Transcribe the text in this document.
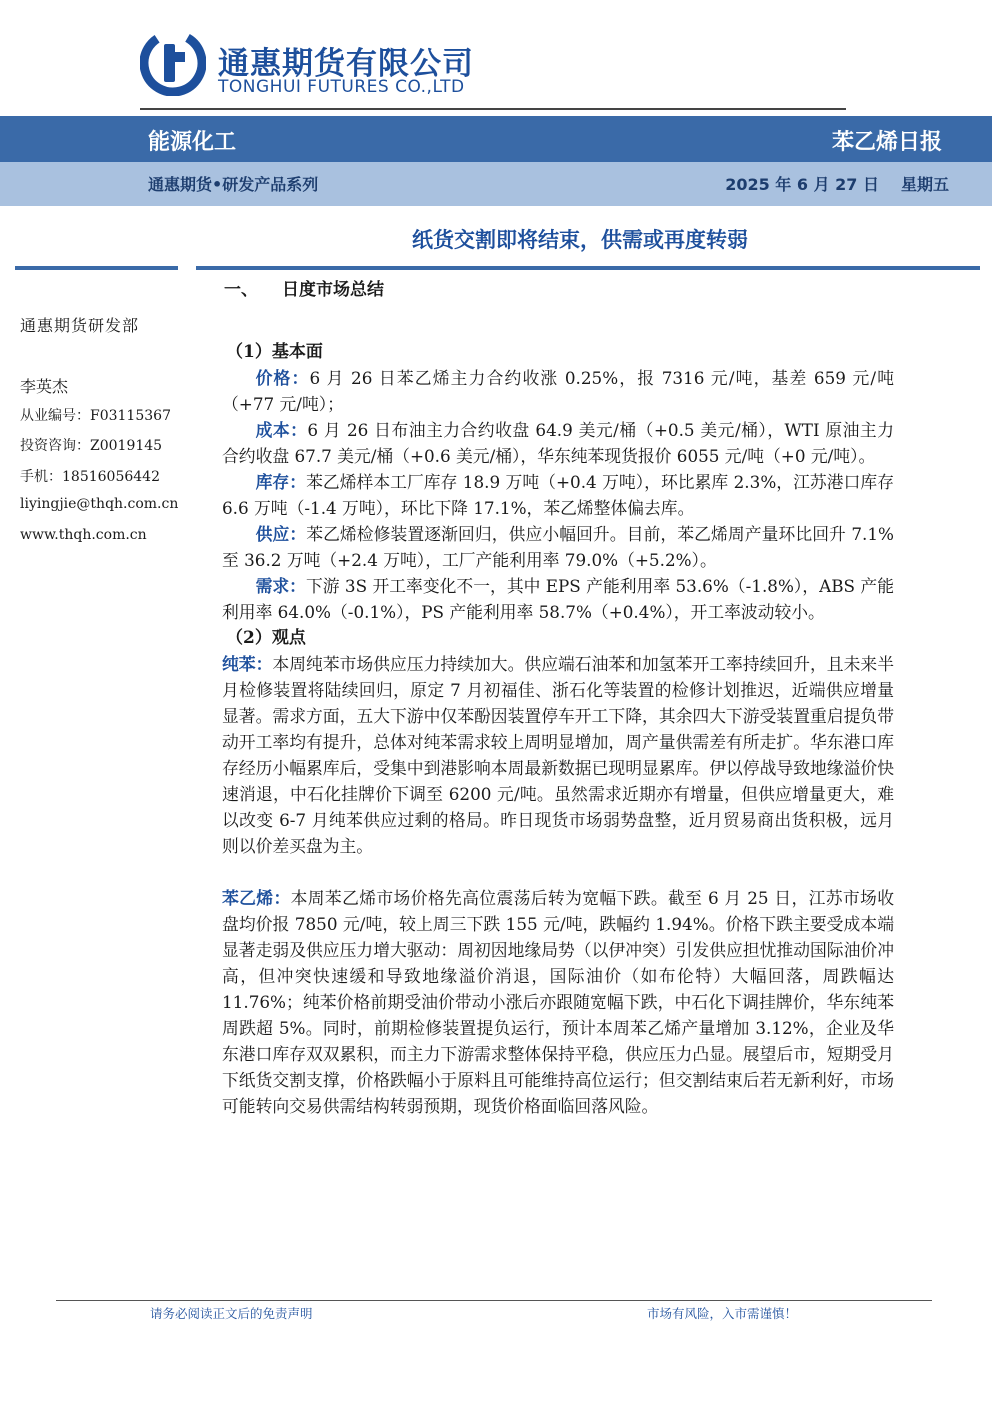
通惠期货有限公司
TONGHUI FUTURES CO.,LTD
能源化工	苯乙烯日报
通惠期货•研发产品系列	2025 年 6 月 27 日 星期五
纸货交割即将结束，供需或再度转弱
通惠期货研发部
李英杰
从业编号：F03115367
投资咨询：Z0019145
手机：18516056442
liyingjie@thqh.com.cn
www.thqh.com.cn
一、 日度市场总结
（1）基本面

价格：6 月 26 日苯乙烯主力合约收涨 0.25%，报 7316 元/吨，基差 659 元/吨（+77 元/吨）；

成本：6 月 26 日布油主力合约收盘 64.9 美元/桶（+0.5 美元/桶），WTI 原油主力合约收盘 67.7 美元/桶（+0.6 美元/桶），华东纯苯现货报价 6055 元/吨（+0 元/吨）。

库存：苯乙烯样本工厂库存 18.9 万吨（+0.4 万吨），环比累库 2.3%，江苏港口库存 6.6 万吨（-1.4 万吨），环比下降 17.1%，苯乙烯整体偏去库。

供应：苯乙烯检修装置逐渐回归，供应小幅回升。目前，苯乙烯周产量环比回升 7.1%至 36.2 万吨（+2.4 万吨），工厂产能利用率 79.0%（+5.2%）。

需求：下游 3S 开工率变化不一，其中 EPS 产能利用率 53.6%（-1.8%），ABS 产能利用率 64.0%（-0.1%），PS 产能利用率 58.7%（+0.4%），开工率波动较小。

（2）观点

纯苯：本周纯苯市场供应压力持续加大。供应端石油苯和加氢苯开工率持续回升，且未来半月检修装置将陆续回归，原定 7 月初福佳、浙石化等装置的检修计划推迟，近端供应增量显著。需求方面，五大下游中仅苯酚因装置停车开工下降，其余四大下游受装置重启提负带动开工率均有提升，总体对纯苯需求较上周明显增加，周产量供需差有所走扩。华东港口库存经历小幅累库后，受集中到港影响本周最新数据已现明显累库。伊以停战导致地缘溢价快速消退，中石化挂牌价下调至 6200 元/吨。虽然需求近期亦有增量，但供应增量更大，难以改变 6-7 月纯苯供应过剩的格局。昨日现货市场弱势盘整，近月贸易商出货积极，远月则以价差买盘为主。

苯乙烯：本周苯乙烯市场价格先高位震荡后转为宽幅下跌。截至 6 月 25 日，江苏市场收盘均价报 7850 元/吨，较上周三下跌 155 元/吨，跌幅约 1.94%。价格下跌主要受成本端显著走弱及供应压力增大驱动：周初因地缘局势（以伊冲突）引发供应担忧推动国际油价冲高，但冲突快速缓和导致地缘溢价消退，国际油价（如布伦特）大幅回落，周跌幅达 11.76%；纯苯价格前期受油价带动小涨后亦跟随宽幅下跌，中石化下调挂牌价，华东纯苯周跌超 5%。同时，前期检修装置提负运行，预计本周苯乙烯产量增加 3.12%，企业及华东港口库存双双累积，而主力下游需求整体保持平稳，供应压力凸显。展望后市，短期受月下纸货交割支撑，价格跌幅小于原料且可能维持高位运行；但交割结束后若无新利好，市场可能转向交易供需结构转弱预期，现货价格面临回落风险。

请务必阅读正文后的免责声明	市场有风险，入市需谨慎！
